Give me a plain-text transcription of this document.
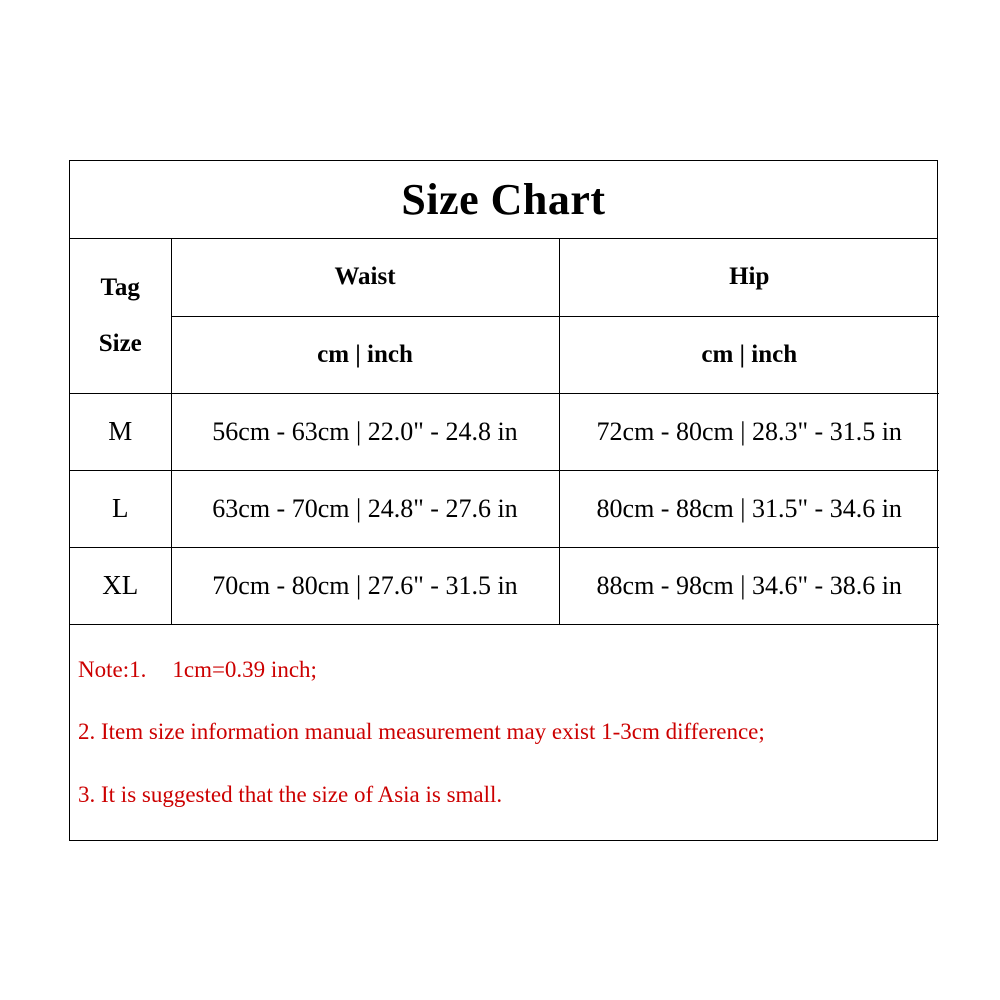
Size Chart
Tag
Size	Waist	Hip
	cm | inch	cm | inch
M	56cm - 63cm | 22.0" - 24.8 in	72cm - 80cm | 28.3" - 31.5 in
L	63cm - 70cm | 24.8" - 27.6 in	80cm - 88cm | 31.5" - 34.6 in
XL	70cm - 80cm | 27.6" - 31.5 in	88cm - 98cm | 34.6" - 38.6 in
Note:1. 1cm=0.39 inch;
2. Item size information manual measurement may exist 1-3cm difference;
3. It is suggested that the size of Asia is small.
